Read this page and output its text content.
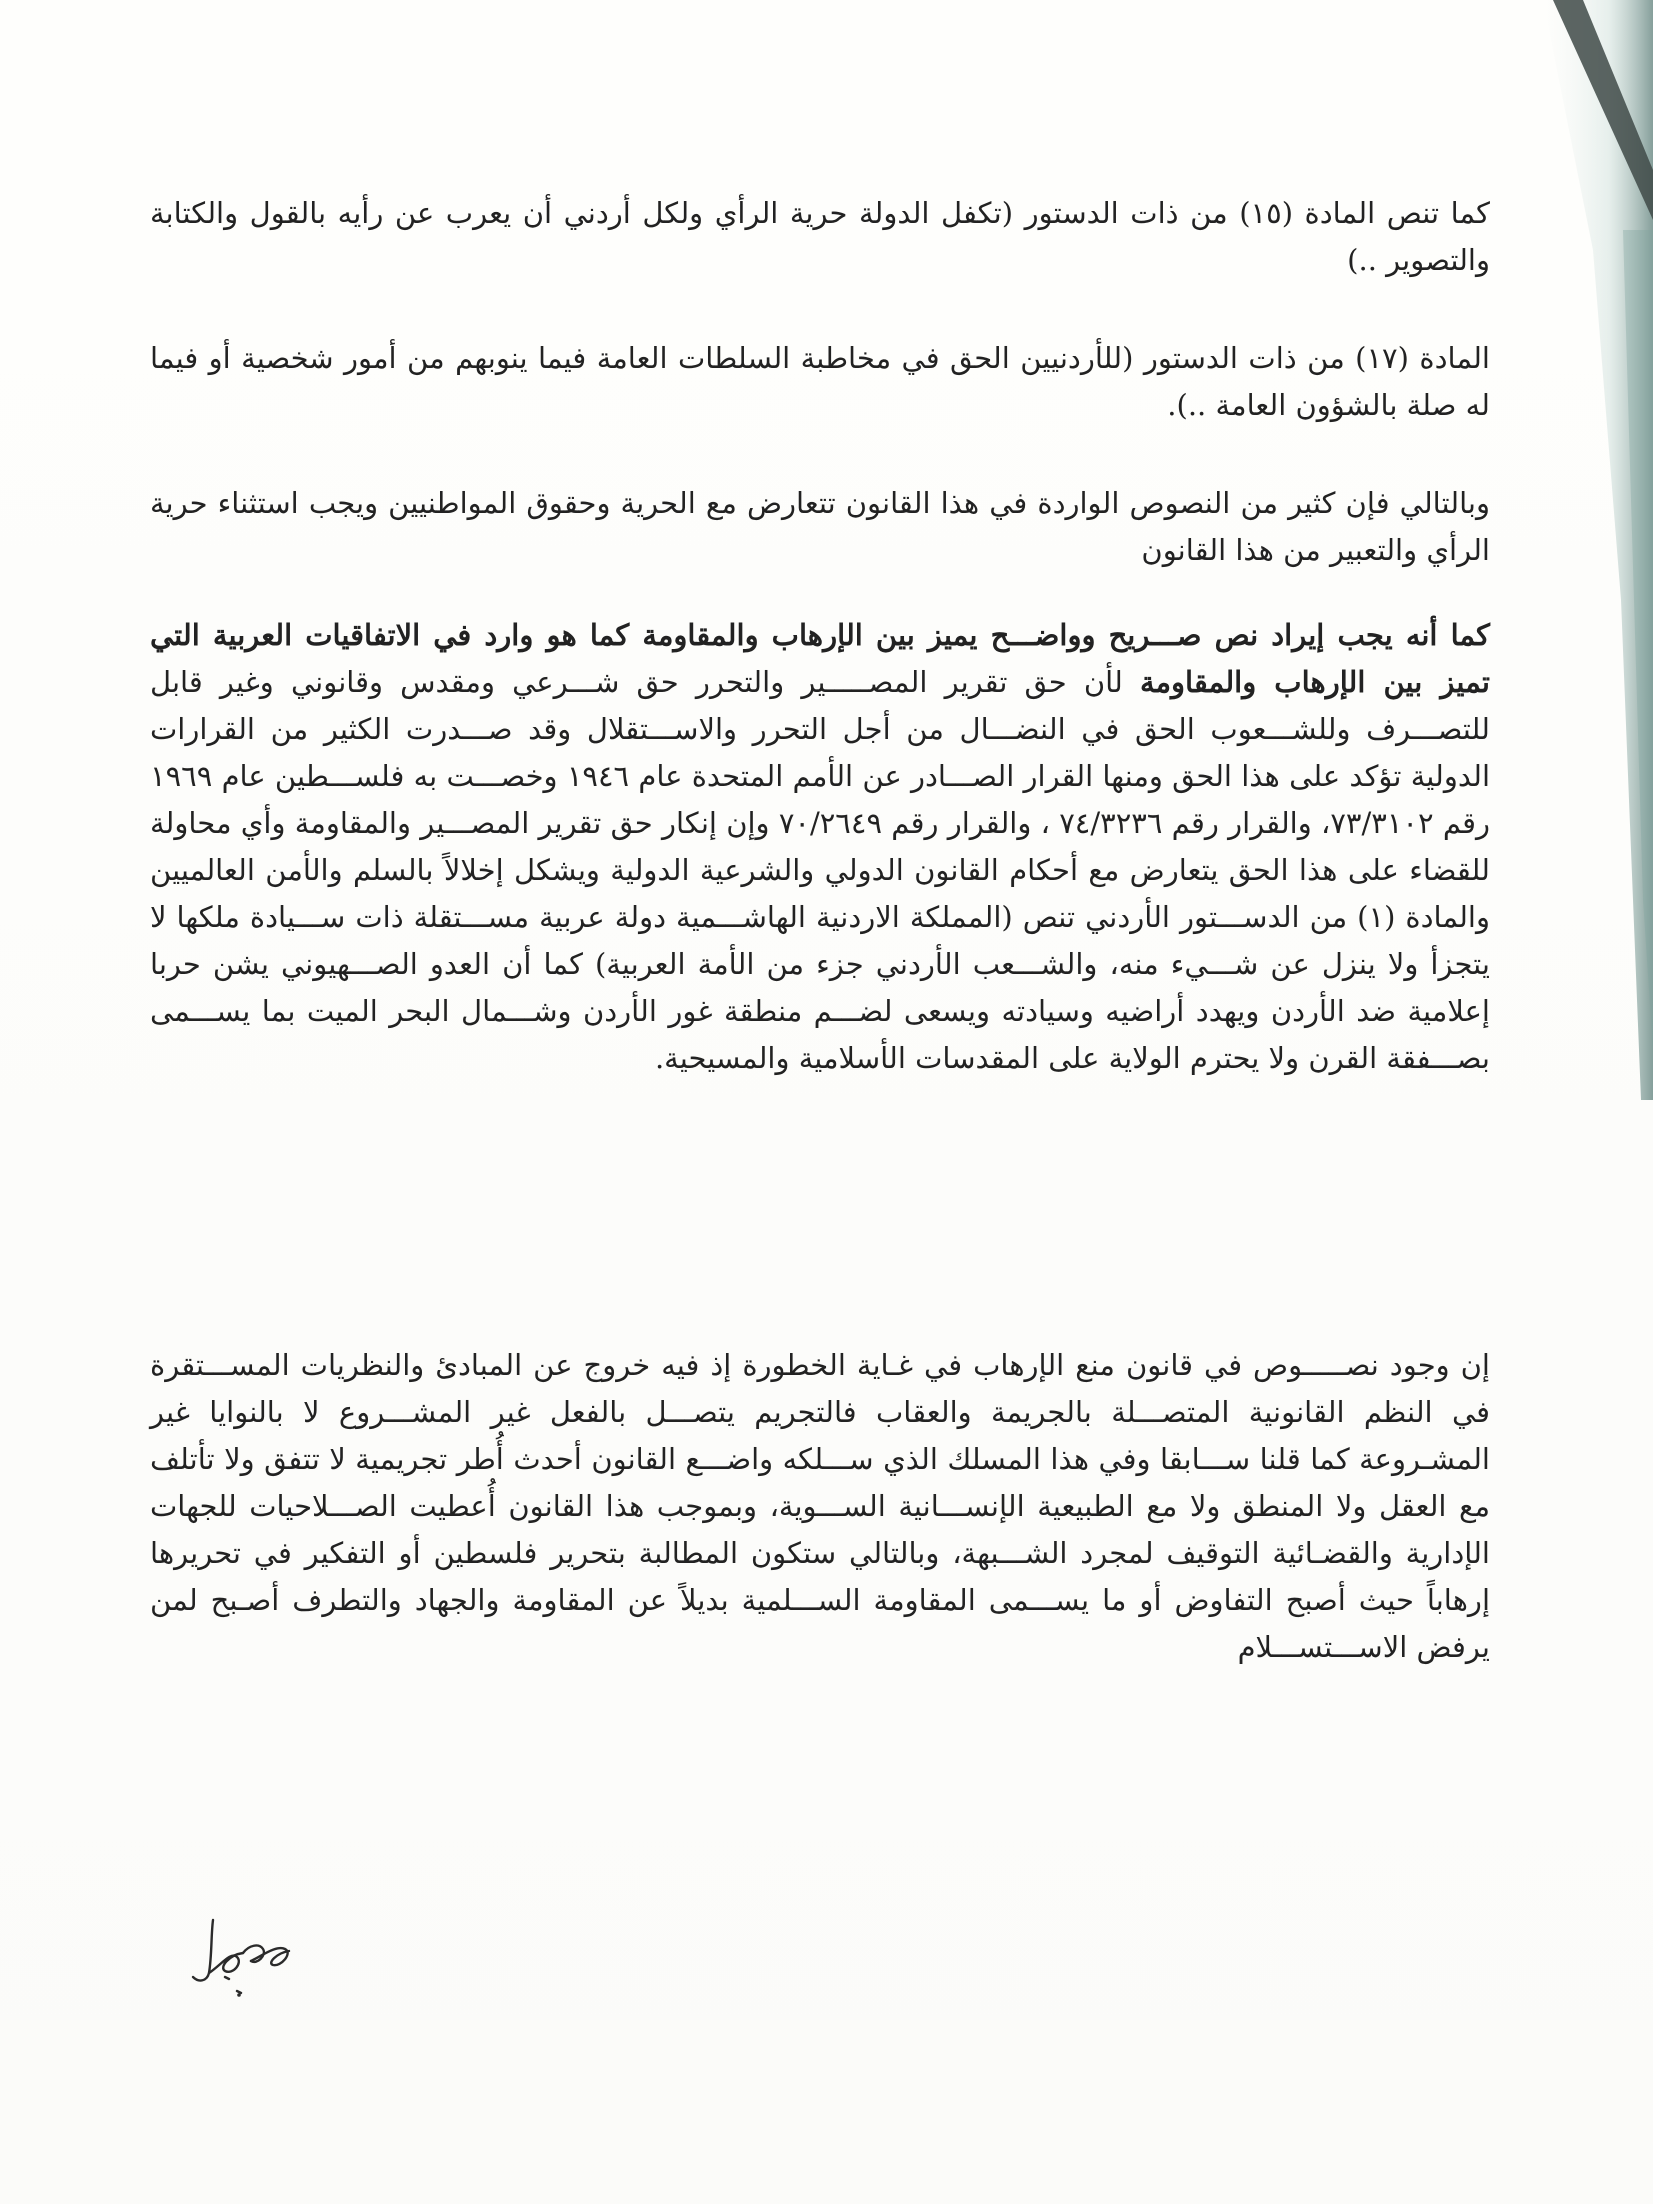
كما تنص المادة (١٥) من ذات الدستور (تكفل الدولة حرية الرأي ولكل أردني أن يعرب عن رأيه بالقول والكتابة والتصوير ..)

المادة (١٧) من ذات الدستور (للأردنيين الحق في مخاطبة السلطات العامة فيما ينوبهم من أمور شخصية أو فيما له صلة بالشؤون العامة ..).

وبالتالي فإن كثير من النصوص الواردة في هذا القانون تتعارض مع الحرية وحقوق المواطنيين ويجب استثناء حرية الرأي والتعبير من هذا القانون

كما أنه يجب إيراد نص صـــريح وواضـــح يميز بين الإرهاب والمقاومة كما هو وارد في الاتفاقيات العربية التي تميز بين الإرهاب والمقاومة لأن حق تقرير المصـــــير والتحرر حق شـــرعي ومقدس وقانوني وغير قابل للتصـــرف وللشـــعوب الحق في النضـــال من أجل التحرر والاســـتقلال وقد صـــدرت الكثير من القرارات الدولية تؤكد على هذا الحق ومنها القرار الصـــادر عن الأمم المتحدة عام ١٩٤٦ وخصـــت به فلســـطين عام ١٩٦٩ رقم ٧٣/٣١٠٢، والقرار رقم ٧٤/٣٢٣٦ ، والقرار رقم ٧٠/٢٦٤٩ وإن إنكار حق تقرير المصـــير والمقاومة وأي محاولة للقضاء على هذا الحق يتعارض مع أحكام القانون الدولي والشرعية الدولية ويشكل إخلالاً بالسلم والأمن العالميين والمادة (١) من الدســـتور الأردني تنص (المملكة الاردنية الهاشـــمية دولة عربية مســـتقلة ذات ســـيادة ملكها لا يتجزأ ولا ينزل عن شـــيء منه، والشـــعب الأردني جزء من الأمة العربية) كما أن العدو الصـــهيوني يشن حربا إعلامية ضد الأردن ويهدد أراضيه وسيادته ويسعى لضـــم منطقة غور الأردن وشـــمال البحر الميت بما يســـمى بصـــفقة القرن ولا يحترم الولاية على المقدسات الأسلامية والمسيحية.

إن وجود نصـــــوص في قانون منع الإرهاب في غـاية الخطورة إذ فيه خروج عن المبادئ والنظريات المســـتقرة في النظم القانونية المتصـــلة بالجريمة والعقاب فالتجريم يتصـــل بالفعل غير المشـــروع لا بالنوايا غير المشـروعة كما قلنا ســـابقا وفي هذا المسلك الذي ســـلكه واضـــع القانون أحدث أُطر تجريمية لا تتفق ولا تأتلف مع العقل ولا المنطق ولا مع الطبيعية الإنســـانية الســـوية، وبموجب هذا القانون أُعطيت الصـــلاحيات للجهات الإدارية والقضـائية التوقيف لمجرد الشـــبهة، وبالتالي ستكون المطالبة بتحرير فلسطين أو التفكير في تحريرها إرهاباً حيث أصبح التفاوض أو ما يســـمى المقاومة الســـلمية بديلاً عن المقاومة والجهاد والتطرف أصـبح لمن يرفض الاســـتســـلام
